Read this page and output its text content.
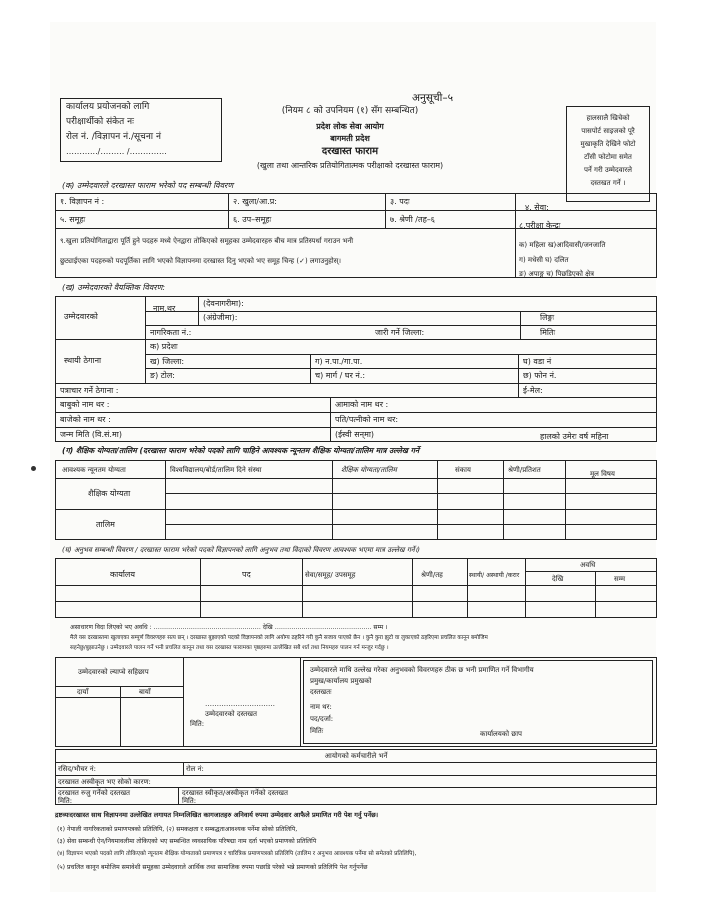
अनुसूची–५
कार्यालय प्रयोजनको लागि
परीक्षार्थीको संकेत नः
रोल नं. /विज्ञापन नं./सूचना नं
……….../……… /…………..
(नियम ८ को उपनियम (१) सँग सम्बन्धित)
प्रदेश लोक सेवा आयोग
बागमती प्रदेश
दरखास्त फाराम
(खुला तथा आन्तरिक प्रतियोगितात्मक परीक्षाको दरखास्त फाराम)
हालसालै खिचेको
पासपोर्ट साइजको पूरै
मुखाकृति देखिने फोटो
टाँसी फोटोमा समेत
पर्ने गरी उम्मेदवारले
दस्तखत गर्ने ।
(क) उम्मेदवारले दरखास्त फाराम भरेको पद सम्बन्धी विवरण
१. विज्ञापन नं :	२. खुला/आ.प्र:	३. पदः
४. सेवा:
५. समूहः	६. उप–समूहः	७. श्रेणी /तह–६
८.परीक्षा केन्द्रः
९.खुला प्रतियोगिताद्वारा पूर्ति हुने पदहरु मध्ये ऐनद्वारा तोकिएको समूहका उम्मेदवारहरु बीच मात्र प्रतिस्पर्धा गराउन भनी
छुट्याईएका पदहरुको पदपूर्तिका लागि भएको विज्ञापनमा दरखास्त दिनु भएको भए समूह चिन्ह (✓) लगाउनुहोस्।
क) महिला ख)आदिवासी/जनजाति
ग) मधेसी घ) दलित
ङ) अपाङ्ग च) पिछडिएको क्षेत्र
(ख) उम्मेदवारको वैयक्तिक विवरण:
उम्मेदवारको
नाम,थर
(देवनागरीमा):
(अंग्रेजीमा):	लिङ्गः
नागरिकता नं.:	जारी गर्ने जिल्ला:	मितिः
स्थायी ठेगाना
क) प्रदेशः
ख) जिल्ला:	ग) न.पा./गा.पा.	घ) वडा नं
ङ) टोल:	च) मार्ग / घर नं.:	छ) फोन नं.
पत्राचार गर्ने ठेगाना :	ई-मेल:
बाबुको नाम थर :	आमाको नाम थर :
बाजेको नाम थर :	पति/पत्नीको नाम थर:
जन्म मिति (वि.सं.मा)	(ईस्वी सन्‌मा)	हालको उमेरः वर्ष महिना
(ग) शैक्षिक योग्यता/तालिम (दरखास्त फाराम भरेको पदको लागि चाहिने आवश्यक न्यूनतम शैक्षिक योग्यता/तालिम मात्र उल्लेख गर्ने
आवश्यक न्यूनतम योग्यता	विश्वविद्यालय/बोर्ड/तालिम दिने संस्था	शैक्षिक योग्यता/तालिम	संकाय	श्रेणी/प्रतिशत	मूल विषय
शैक्षिक योग्यता
तालिम
(घ) अनुभव सम्बन्धी विवरण / दरखास्त फाराम भरेको पदको विज्ञापनको लागि अनुभव तथा विदाको विवरण आवश्यक भएमा मात्र उल्लेख गर्ने।)
कार्यालय	पद	सेवा/समूह/ उपसमूह	श्रेणी/तह	स्थायी/ अस्थायी /करार
अवधि
देखि	सम्म
असाधारण विदा लिएको भए अवधि : ……………………………………………. देखि ……………………………………….. सम्म ।
मैले यस दरखास्तमा खुलाएका सम्पूर्ण विवरणहरु सत्य छन् । दरखास्त बुझाएको पदको विज्ञापनको लागि अयोग्य ठहरिने गरी कुनै सजाय पाएको छैन । कुनै कुरा झुटो वा लुकाएको ठहरिएमा प्रचलित कानून बमोजिम
सहनेछु/बुझाउनेछु । उम्मेदवारले पालन गर्ने भनी प्रचलित कानून तथा यस दरखास्त फारामका पृष्ठहरुमा उल्लेखित सबै शर्त तथा नियमहरु पालन गर्न मन्जुर गर्दछु ।
उम्मेदवारको ल्याप्चे सहिछाप
दायाँ	बायाँ
…………………………
उम्मेदवारको दस्तखत
मिति:
उम्मेदवारले माथि उल्लेख गरेका अनुभवको विवरणहरु ठीक छ भनी प्रमाणित गर्ने विभागीय
प्रमुख/कार्यालय प्रमुखको
दस्तखतः
नाम थर:
पद/दर्जा:
मितिः	कार्यालयको छाप
आयोगको कर्मचारीले भर्ने
रसिद/भौचर नं:	रोल नं:
दरखास्त अस्वीकृत भए सोको कारण:
दरखास्त रुजु गर्नेको दस्तखत
मिति:
दरखास्त स्वीकृत/अस्वीकृत गर्नेको दस्तखत
मिति:
द्रष्टव्यःदरखास्त साथ विज्ञापनमा उल्लेखित लगायत निम्नलिखित कागजातहरु अनिवार्य रुपमा उम्मेदवार आफैले प्रमाणित गरी पेश गर्नु पर्नेछ।
(१) नेपाली नागरिकताको प्रमाणपत्रको प्रतिलिपि, (२) समकक्षता र सम्बद्धताआवश्यक पर्नेमा सोको प्रतिलिपि,
(३) सेवा सम्बन्धी ऐन/नियमावलीमा तोकिएको भए सम्बन्धित व्यवसायिक परिषद्मा नाम दर्ता भएको प्रमाणको प्रतिलिपि
(४) विज्ञापन भएको पदको लागि तोकिएको न्यूनतम शैक्षिक योग्यताको प्रमाणपत्र र चारित्रिक प्रमाणपत्रको प्रतिलिपि (तालिम र अनुभव आवश्यक पर्नेमा सो समेतको प्रतिलिपि),
(५) प्रचलित कानून बमोजिम समावेशी समूहका उम्मेदवारले आर्थिक तथा सामाजिक रुपमा पछाडि परेको भन्ने प्रमाणको प्रतिलिपि पेश गर्नुपर्नेछ
